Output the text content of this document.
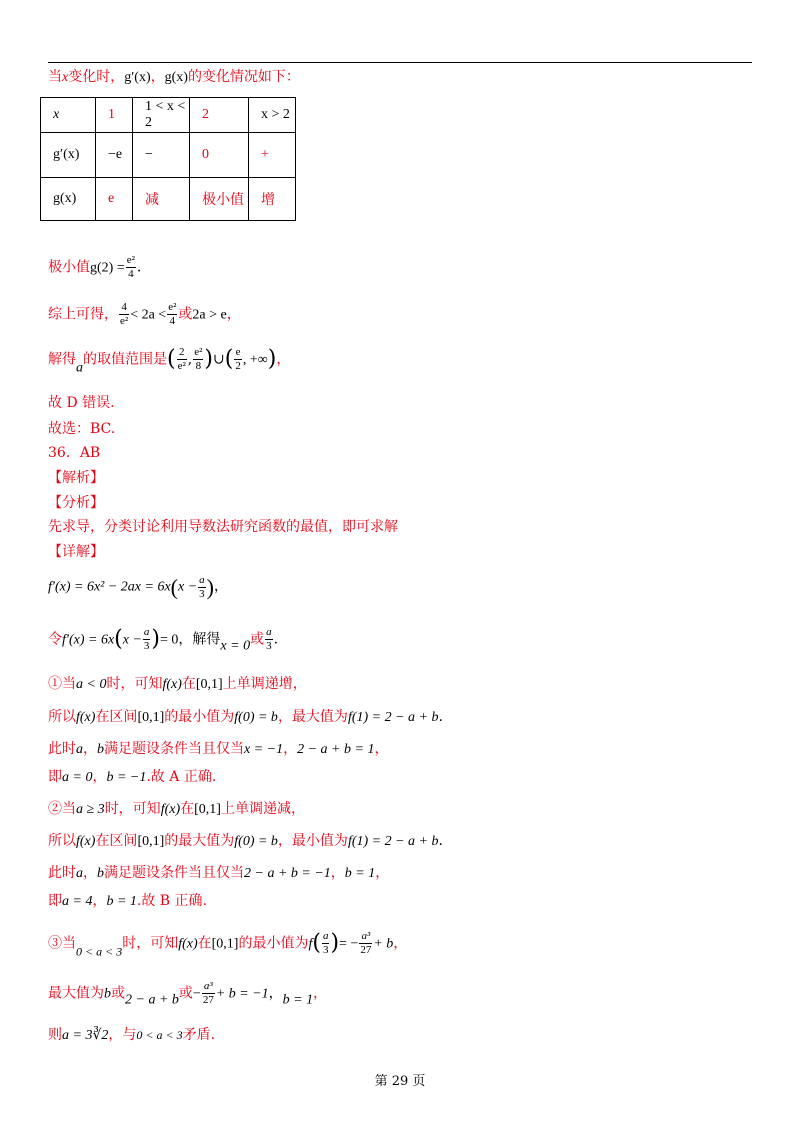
当x变化时，g′(x)，g(x)的变化情况如下：
x	1	1 < x < 2	2	x > 2
g′(x)	−e	−	0	+
g(x)	e	减	极小值	增
极小值$g(2) = \frac{\text{e²}}{4}$ .
综上可得， $\frac{4}{\text{e²}} < 2a < \frac{\text{e²}}{4}$ 或2a > e，
解得a的取值范围是( $\frac{2}{\text{e²}}$ , $\frac{\text{e²}}{8}$ )∪( $\frac{e}{2}$ , +∞)，
故 D 错误.
故选：BC.
36．AB
【解析】
【分析】
先求导，分类讨论利用导数法研究函数的最值，即可求解
【详解】
$f'(x) = 6x^2 - 2ax = 6x(x - \frac{a}{3}$ )，
令$f'(x) = 6x(x - \frac{a}{3}$ )= 0，解得x = 0或 $\frac{a}{3}$ .
①当a < 0时，可知f(x)在[0,1]上单调递增，
所以f(x)在区间[0,1]的最小值为f(0) = b，最大值为f(1) = 2 − a + b.
此时a，b满足题设条件当且仅当x = −1，2 − a + b = 1，
即a = 0，b = −1.故 A 正确.
②当a ≥ 3时，可知f(x)在[0,1]上单调递减，
所以f(x)在区间[0,1]的最大值为f(0) = b，最小值为f(1) = 2 − a + b.
此时a，b满足题设条件当且仅当2 − a + b = −1，b = 1，
即a = 4，b = 1.故 B 正确.
③当0 < a < 3时，可知f(x)在[0,1]的最小值为$f( \frac{a}{3}$ )= − $\frac{\text{a³}}{27} + b$，
最大值为b或2 − a + b或− $\frac{\text{a³}}{27} + b = -1$，b = 1，
则a = 3∛2，与0 < a < 3矛盾.
第 29 页
